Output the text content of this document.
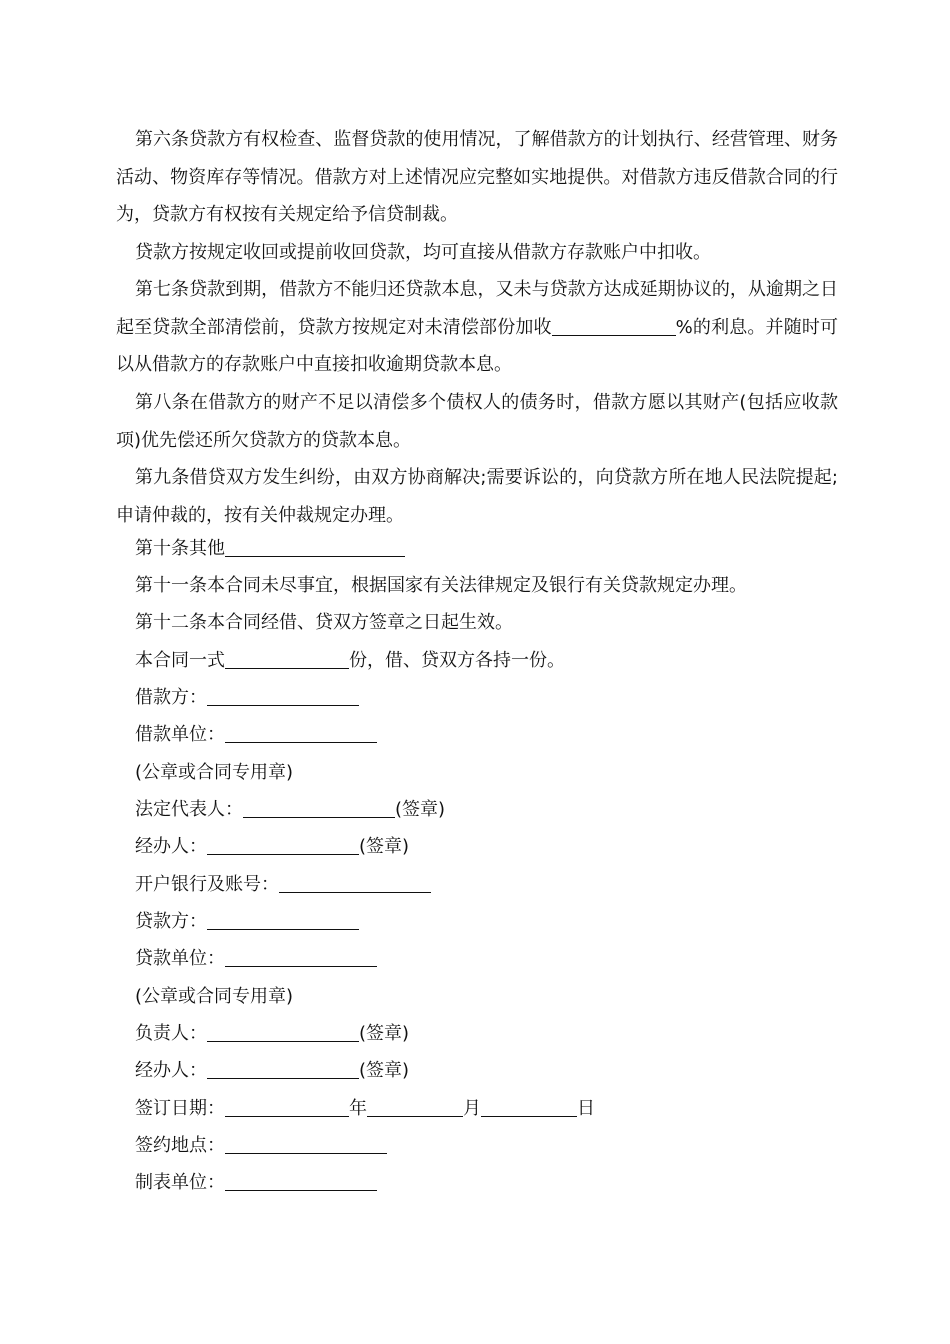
第六条贷款方有权检查、监督贷款的使用情况，了解借款方的计划执行、经营管理、财务活动、物资库存等情况。借款方对上述情况应完整如实地提供。对借款方违反借款合同的行为，贷款方有权按有关规定给予信贷制裁。

贷款方按规定收回或提前收回贷款，均可直接从借款方存款账户中扣收。

第七条贷款到期，借款方不能归还贷款本息，又未与贷款方达成延期协议的，从逾期之日起至贷款全部清偿前，贷款方按规定对未清偿部份加收	%的利息。并随时可以从借款方的存款账户中直接扣收逾期贷款本息。

第八条在借款方的财产不足以清偿多个债权人的债务时，借款方愿以其财产(包括应收款项)优先偿还所欠贷款方的贷款本息。

第九条借贷双方发生纠纷，由双方协商解决;需要诉讼的，向贷款方所在地人民法院提起;申请仲裁的，按有关仲裁规定办理。

第十条其他

第十一条本合同未尽事宜，根据国家有关法律规定及银行有关贷款规定办理。

第十二条本合同经借、贷双方签章之日起生效。

本合同一式	份，借、贷双方各持一份。

借款方：

借款单位：

(公章或合同专用章)

法定代表人：	(签章)

经办人：	(签章)

开户银行及账号：

贷款方：

贷款单位：

(公章或合同专用章)

负责人：	(签章)

经办人：	(签章)

签订日期：	年	月	日

签约地点：

制表单位：
